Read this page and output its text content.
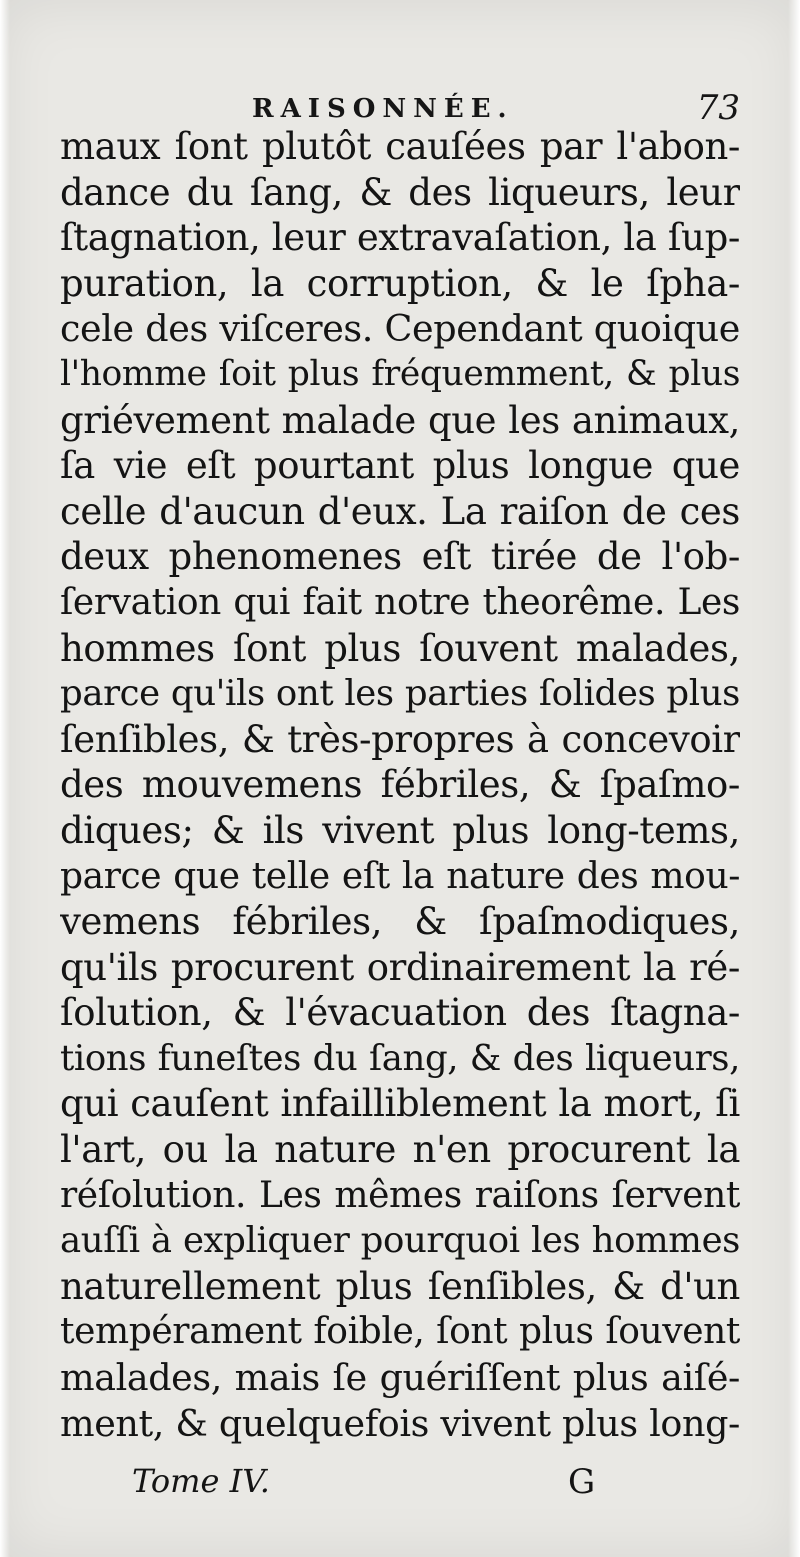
RAISONNÉE.	73
maux ſont plutôt cauſées par l'abon-
dance du ſang, & des liqueurs, leur
ſtagnation, leur extravaſation, la ſup-
puration, la corruption, & le ſpha-
cele des viſceres. Cependant quoique
l'homme ſoit plus fréquemment, & plus
griévement malade que les animaux,
ſa vie eſt pourtant plus longue que
celle d'aucun d'eux. La raiſon de ces
deux phenomenes eſt tirée de l'ob-
ſervation qui fait notre theorême. Les
hommes ſont plus ſouvent malades,
parce qu'ils ont les parties ſolides plus
ſenſibles, & très-propres à concevoir
des mouvemens fébriles, & ſpaſmo-
diques; & ils vivent plus long-tems,
parce que telle eſt la nature des mou-
vemens fébriles, & ſpaſmodiques,
qu'ils procurent ordinairement la ré-
ſolution, & l'évacuation des ſtagna-
tions funeſtes du ſang, & des liqueurs,
qui cauſent infailliblement la mort, ſi
l'art, ou la nature n'en procurent la
réſolution. Les mêmes raiſons ſervent
auſſi à expliquer pourquoi les hommes
naturellement plus ſenſibles, & d'un
tempérament foible, ſont plus ſouvent
malades, mais ſe guériſſent plus aiſé-
ment, & quelquefois vivent plus long-
Tome IV.	G
